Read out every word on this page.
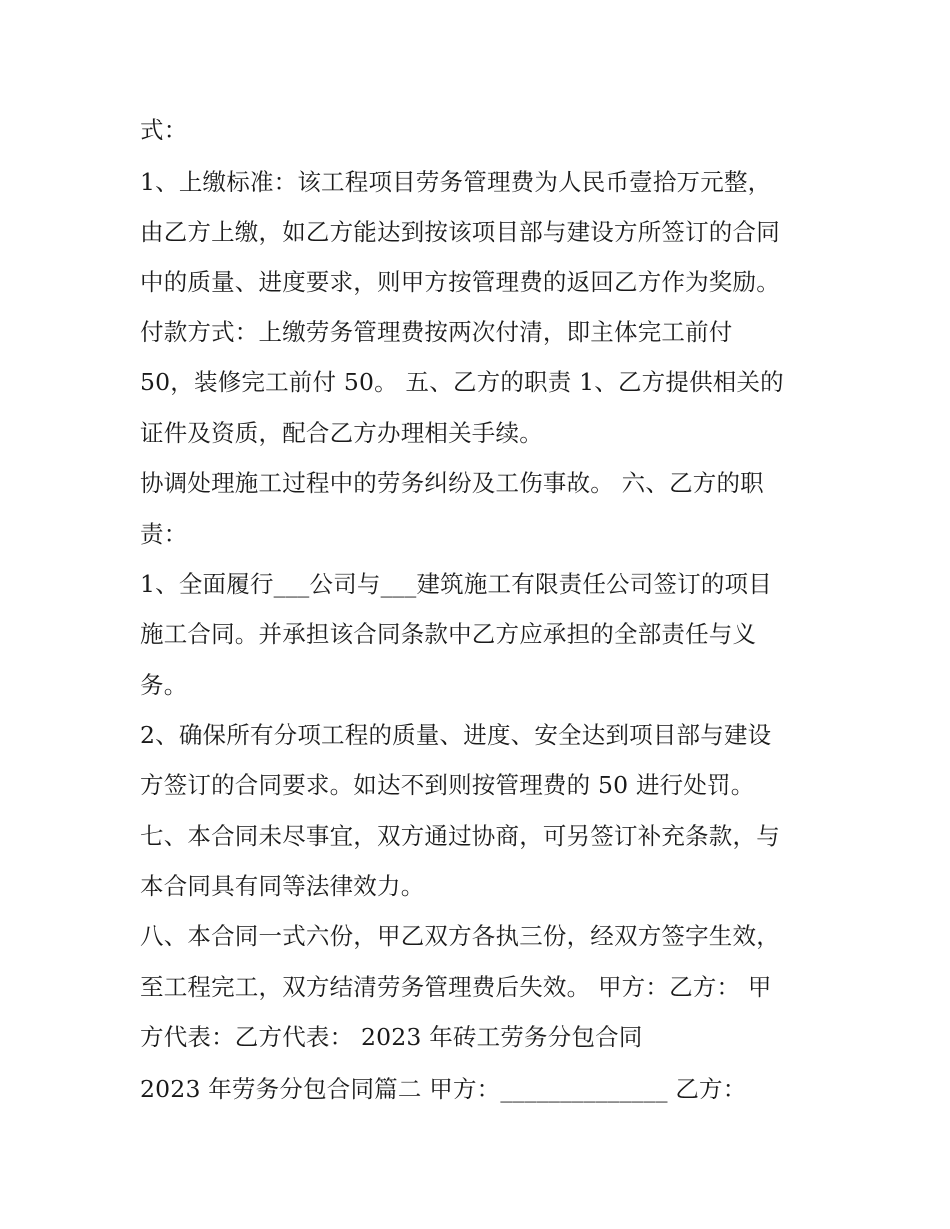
式：
1、上缴标准：该工程项目劳务管理费为人民币壹拾万元整，
由乙方上缴，如乙方能达到按该项目部与建设方所签订的合同
中的质量、进度要求，则甲方按管理费的返回乙方作为奖励。
付款方式：上缴劳务管理费按两次付清，即主体完工前付
50，装修完工前付 50。 五、乙方的职责 1、乙方提供相关的
证件及资质，配合乙方办理相关手续。
协调处理施工过程中的劳务纠纷及工伤事故。 六、乙方的职
责：
1、全面履行___公司与___建筑施工有限责任公司签订的项目
施工合同。并承担该合同条款中乙方应承担的全部责任与义
务。
2、确保所有分项工程的质量、进度、安全达到项目部与建设
方签订的合同要求。如达不到则按管理费的 50 进行处罚。
七、本合同未尽事宜，双方通过协商，可另签订补充条款，与
本合同具有同等法律效力。
八、本合同一式六份，甲乙双方各执三份，经双方签字生效，
至工程完工，双方结清劳务管理费后失效。 甲方：乙方： 甲
方代表：乙方代表： 2023 年砖工劳务分包合同
2023 年劳务分包合同篇二 甲方：______________ 乙方：
